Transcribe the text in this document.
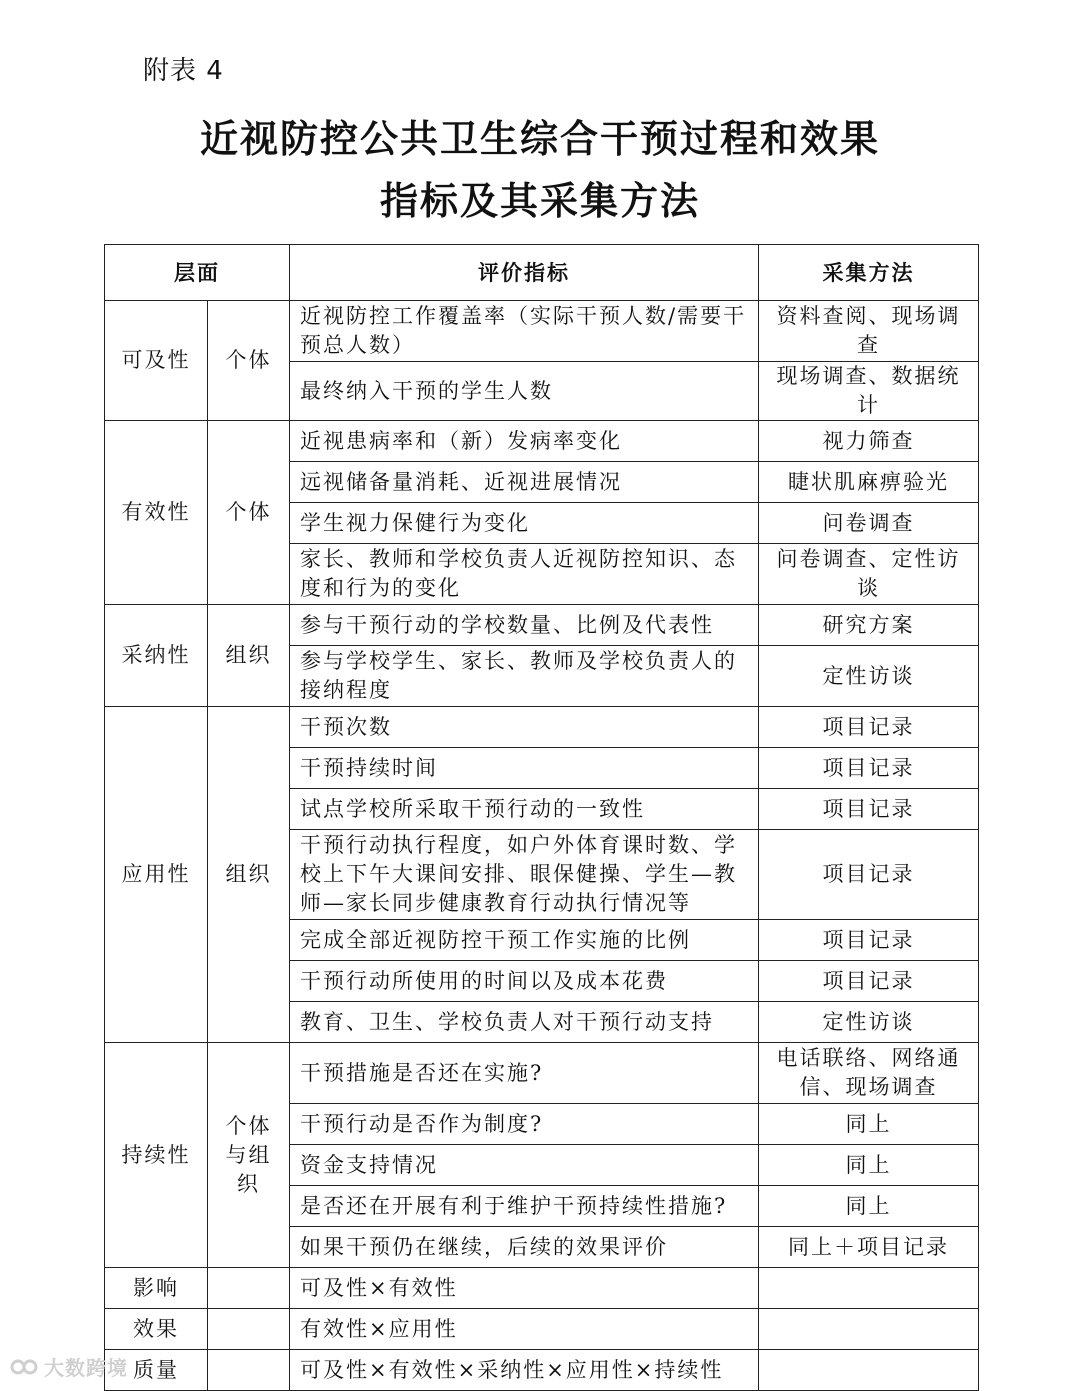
附表 4
近视防控公共卫生综合干预过程和效果
指标及其采集方法
层面		评价指标	采集方法
可及性	个体	近视防控工作覆盖率（实际干预人数/需要干预总人数）	资料查阅、现场调查
		最终纳入干预的学生人数	现场调查、数据统计
有效性	个体	近视患病率和（新）发病率变化	视力筛查
		远视储备量消耗、近视进展情况	睫状肌麻痹验光
		学生视力保健行为变化	问卷调查
		家长、教师和学校负责人近视防控知识、态度和行为的变化	问卷调查、定性访谈
采纳性	组织	参与干预行动的学校数量、比例及代表性	研究方案
		参与学校学生、家长、教师及学校负责人的接纳程度	定性访谈
应用性	组织	干预次数	项目记录
		干预持续时间	项目记录
		试点学校所采取干预行动的一致性	项目记录
		干预行动执行程度，如户外体育课时数、学校上下午大课间安排、眼保健操、学生—教师—家长同步健康教育行动执行情况等	项目记录
		完成全部近视防控干预工作实施的比例	项目记录
		干预行动所使用的时间以及成本花费	项目记录
		教育、卫生、学校负责人对干预行动支持	定性访谈
持续性	个体与组织	干预措施是否还在实施?	电话联络、网络通信、现场调查
		干预行动是否作为制度?	同上
		资金支持情况	同上
		是否还在开展有利于维护干预持续性措施?	同上
		如果干预仍在继续，后续的效果评价	同上＋项目记录
影响		可及性×有效性	
效果		有效性×应用性	
质量		可及性×有效性×采纳性×应用性×持续性	
大数跨境
